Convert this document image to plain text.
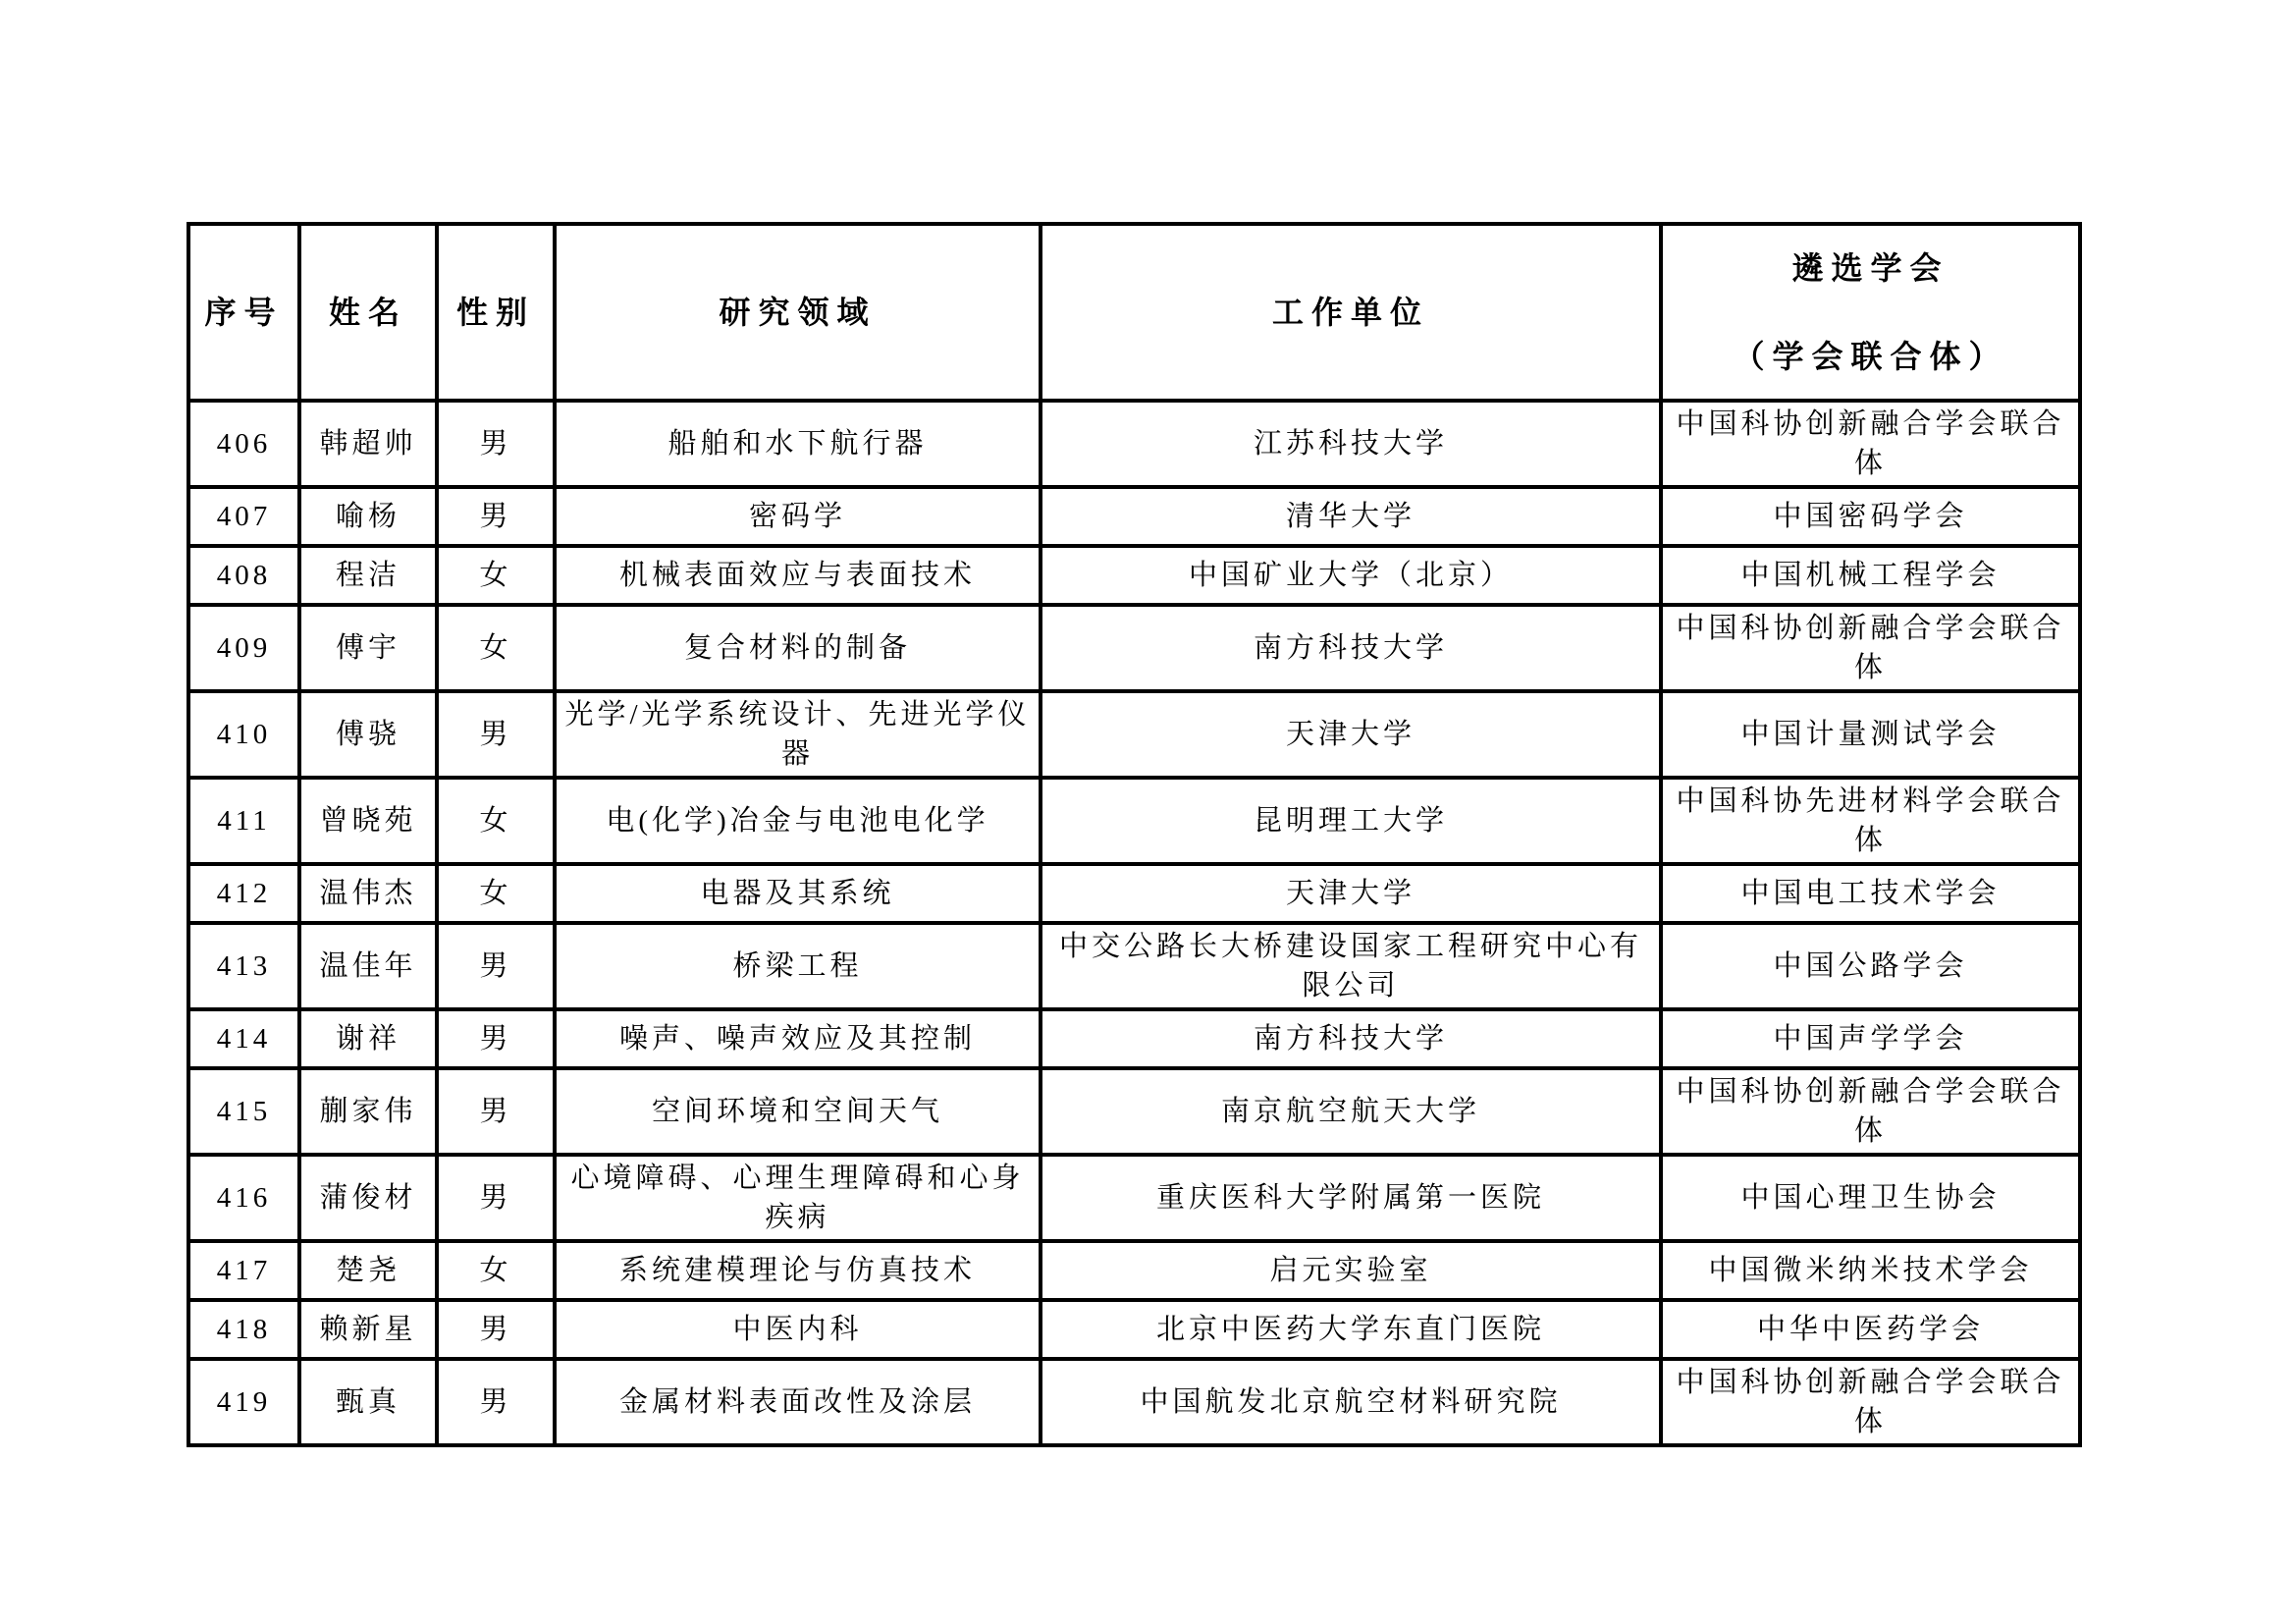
序号	姓名	性别	研究领域	工作单位	遴选学会
（学会联合体）

406	韩超帅	男	船舶和水下航行器	江苏科技大学	中国科协创新融合学会联合体
407	喻杨	男	密码学	清华大学	中国密码学会
408	程洁	女	机械表面效应与表面技术	中国矿业大学（北京）	中国机械工程学会
409	傅宇	女	复合材料的制备	南方科技大学	中国科协创新融合学会联合体
410	傅骁	男	光学/光学系统设计、先进光学仪器	天津大学	中国计量测试学会
411	曾晓苑	女	电(化学)冶金与电池电化学	昆明理工大学	中国科协先进材料学会联合体
412	温伟杰	女	电器及其系统	天津大学	中国电工技术学会
413	温佳年	男	桥梁工程	中交公路长大桥建设国家工程研究中心有限公司	中国公路学会
414	谢祥	男	噪声、噪声效应及其控制	南方科技大学	中国声学学会
415	蒯家伟	男	空间环境和空间天气	南京航空航天大学	中国科协创新融合学会联合体
416	蒲俊材	男	心境障碍、心理生理障碍和心身疾病	重庆医科大学附属第一医院	中国心理卫生协会
417	楚尧	女	系统建模理论与仿真技术	启元实验室	中国微米纳米技术学会
418	赖新星	男	中医内科	北京中医药大学东直门医院	中华中医药学会
419	甄真	男	金属材料表面改性及涂层	中国航发北京航空材料研究院	中国科协创新融合学会联合体
